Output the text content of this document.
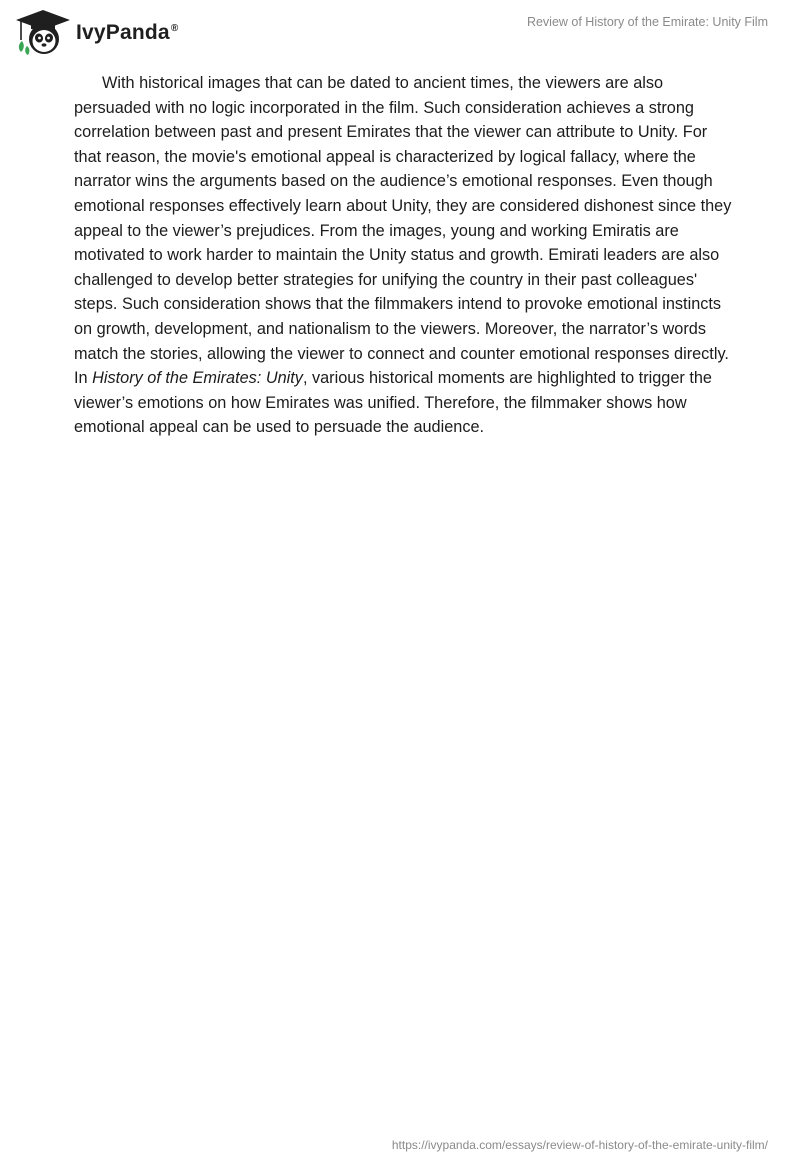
IvyPanda®	Review of History of the Emirate: Unity Film

With historical images that can be dated to ancient times, the viewers are also persuaded with no logic incorporated in the film. Such consideration achieves a strong correlation between past and present Emirates that the viewer can attribute to Unity. For that reason, the movie's emotional appeal is characterized by logical fallacy, where the narrator wins the arguments based on the audience’s emotional responses. Even though emotional responses effectively learn about Unity, they are considered dishonest since they appeal to the viewer’s prejudices. From the images, young and working Emiratis are motivated to work harder to maintain the Unity status and growth. Emirati leaders are also challenged to develop better strategies for unifying the country in their past colleagues' steps. Such consideration shows that the filmmakers intend to provoke emotional instincts on growth, development, and nationalism to the viewers. Moreover, the narrator’s words match the stories, allowing the viewer to connect and counter emotional responses directly. In History of the Emirates: Unity, various historical moments are highlighted to trigger the viewer’s emotions on how Emirates was unified. Therefore, the filmmaker shows how emotional appeal can be used to persuade the audience.

https://ivypanda.com/essays/review-of-history-of-the-emirate-unity-film/
